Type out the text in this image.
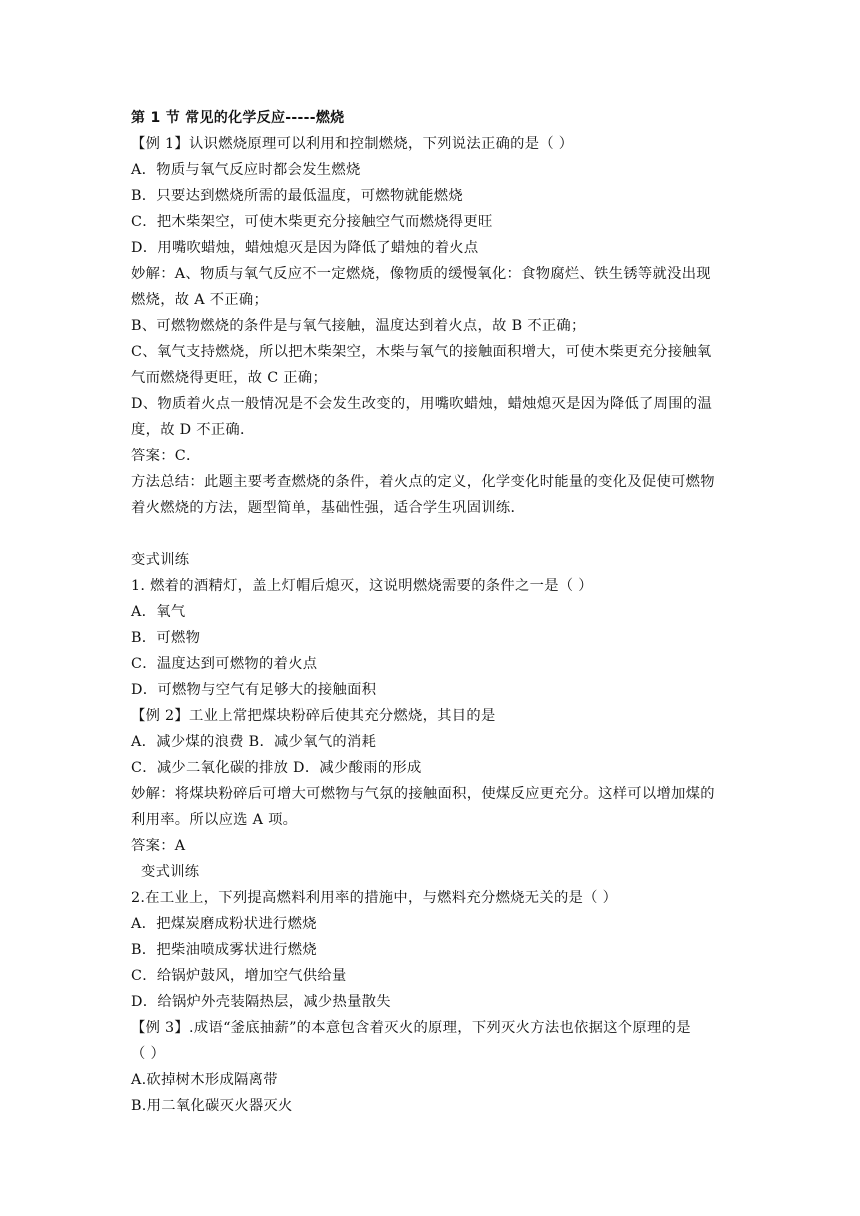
第 1 节 常见的化学反应-----燃烧
【例 1】认识燃烧原理可以利用和控制燃烧，下列说法正确的是（ ）
A．物质与氧气反应时都会发生燃烧
B．只要达到燃烧所需的最低温度，可燃物就能燃烧
C．把木柴架空，可使木柴更充分接触空气而燃烧得更旺
D．用嘴吹蜡烛，蜡烛熄灭是因为降低了蜡烛的着火点
妙解：A、物质与氧气反应不一定燃烧，像物质的缓慢氧化：食物腐烂、铁生锈等就没出现
燃烧，故 A 不正确；
B、可燃物燃烧的条件是与氧气接触，温度达到着火点，故 B 不正确；
C、氧气支持燃烧，所以把木柴架空，木柴与氧气的接触面积增大，可使木柴更充分接触氧
气而燃烧得更旺，故 C 正确；
D、物质着火点一般情况是不会发生改变的，用嘴吹蜡烛，蜡烛熄灭是因为降低了周围的温
度，故 D 不正确．
答案：C．
方法总结：此题主要考查燃烧的条件，着火点的定义，化学变化时能量的变化及促使可燃物
着火燃烧的方法，题型简单，基础性强，适合学生巩固训练．
变式训练
1. 燃着的酒精灯，盖上灯帽后熄灭，这说明燃烧需要的条件之一是（ ）
A．氧气
B．可燃物
C．温度达到可燃物的着火点
D．可燃物与空气有足够大的接触面积
【例 2】工业上常把煤块粉碎后使其充分燃烧，其目的是
A．减少煤的浪费 B．减少氧气的消耗
C．减少二氧化碳的排放 D．减少酸雨的形成
妙解：将煤块粉碎后可增大可燃物与气氛的接触面积，使煤反应更充分。这样可以增加煤的
利用率。所以应选 A 项。
答案：A
变式训练
2.在工业上，下列提高燃料利用率的措施中，与燃料充分燃烧无关的是（ ）
A．把煤炭磨成粉状进行燃烧
B．把柴油喷成雾状进行燃烧
C．给锅炉鼓风，增加空气供给量
D．给锅炉外壳装隔热层，减少热量散失
【例 3】.成语“釜底抽薪”的本意包含着灭火的原理，下列灭火方法也依据这个原理的是
（ ）
A.砍掉树木形成隔离带
B.用二氧化碳灭火器灭火
